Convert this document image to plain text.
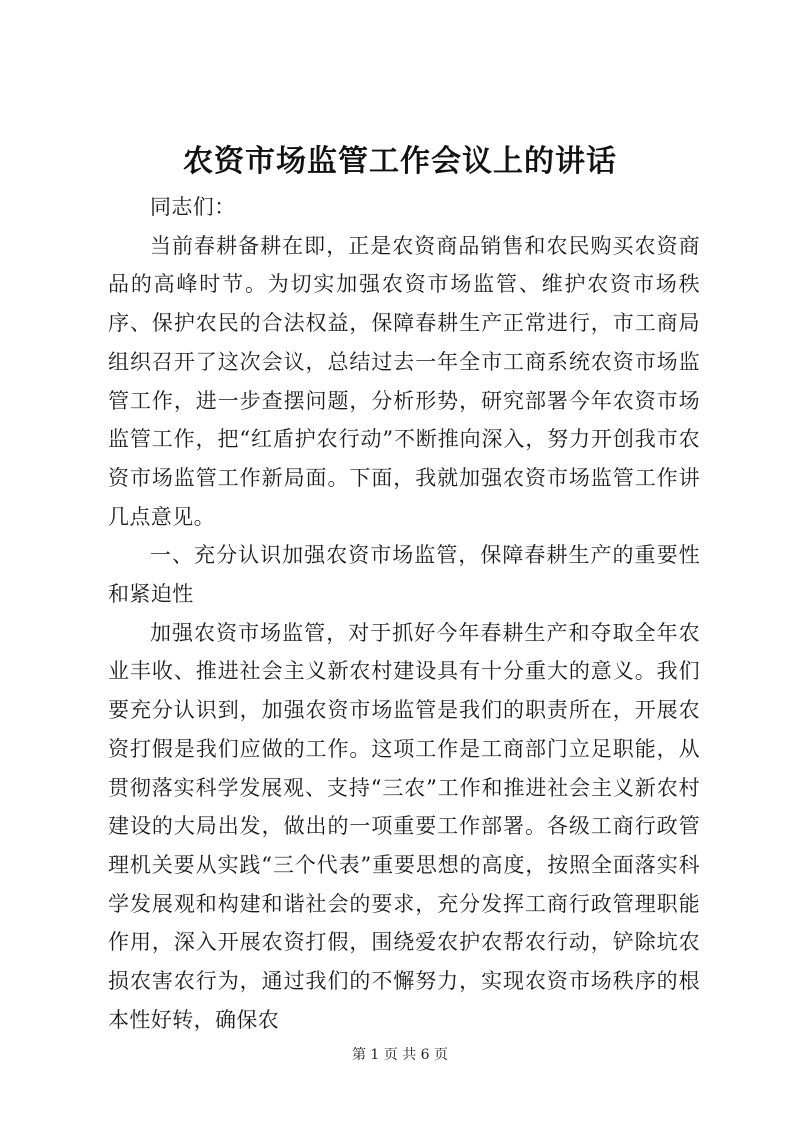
农资市场监管工作会议上的讲话

同志们：

当前春耕备耕在即，正是农资商品销售和农民购买农资商品的高峰时节。为切实加强农资市场监管、维护农资市场秩序、保护农民的合法权益，保障春耕生产正常进行，市工商局组织召开了这次会议，总结过去一年全市工商系统农资市场监管工作，进一步查摆问题，分析形势，研究部署今年农资市场监管工作，把“红盾护农行动”不断推向深入，努力开创我市农资市场监管工作新局面。下面，我就加强农资市场监管工作讲几点意见。

一、充分认识加强农资市场监管，保障春耕生产的重要性和紧迫性

加强农资市场监管，对于抓好今年春耕生产和夺取全年农业丰收、推进社会主义新农村建设具有十分重大的意义。我们要充分认识到，加强农资市场监管是我们的职责所在，开展农资打假是我们应做的工作。这项工作是工商部门立足职能，从贯彻落实科学发展观、支持“三农”工作和推进社会主义新农村建设的大局出发，做出的一项重要工作部署。各级工商行政管理机关要从实践“三个代表”重要思想的高度，按照全面落实科学发展观和构建和谐社会的要求，充分发挥工商行政管理职能作用，深入开展农资打假，围绕爱农护农帮农行动，铲除坑农损农害农行为，通过我们的不懈努力，实现农资市场秩序的根本性好转，确保农

第 1 页 共 6 页
